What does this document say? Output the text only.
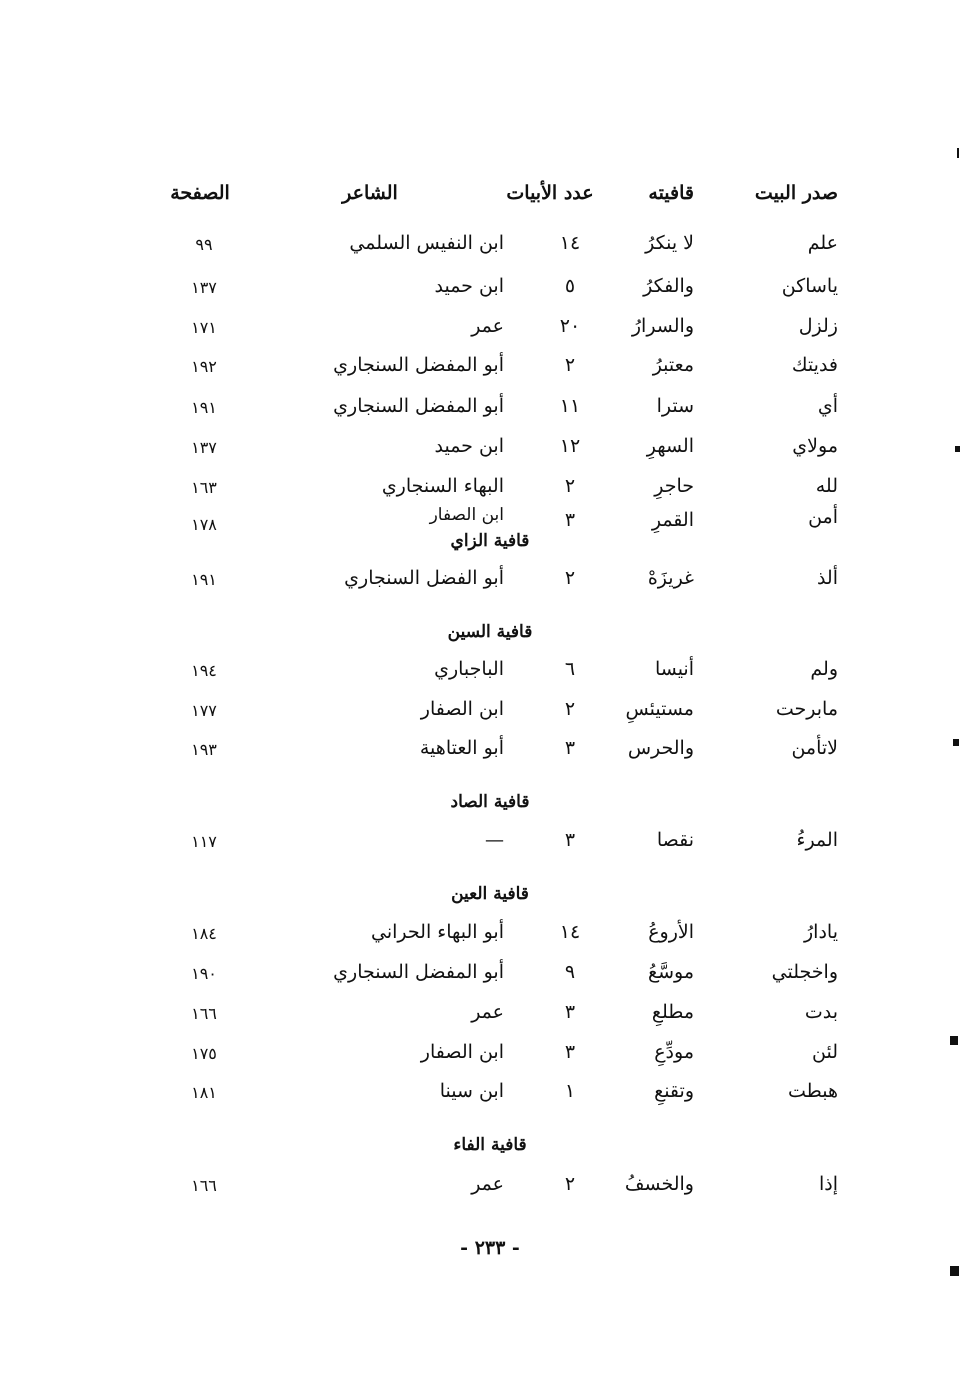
صدر البيت
قافيته
عدد الأبيات
الشاعر
الصفحة
علم
لا ينكرُ
١٤
ابن النفيس السلمي
٩٩
ياساكن
والفكرُ
٥
ابن حميد
١٣٧
زلزل
والسرارُ
٢٠
عمر
١٧١
فديتك
معتبرُ
٢
أبو المفضل السنجاري
١٩٢
أي
سترا
١١
أبو المفضل السنجاري
١٩١
مولاي
السهرِ
١٢
ابن حميد
١٣٧
لله
حاجرِ
٢
البهاء السنجاري
١٦٣
أمن
القمرِ
٣
ابن الصفار
١٧٨
قافية الزاي
ألذ
غريزَهْ
٢
أبو الفضل السنجاري
١٩١
قافية السين
ولم
أنيسا
٦
الباجباري
١٩٤
مابرحت
مستيئسِ
٢
ابن الصفار
١٧٧
لاتأمن
والحرس
٣
أبو العتاهية
١٩٣
قافية الصاد
المرءُ
نقصا
٣
—
١١٧
قافية العين
يادارُ
الأروعُ
١٤
أبو البهاء الحراني
١٨٤
واخجلتي
موسَّعُ
٩
أبو المفضل السنجاري
١٩٠
بدت
مطلعِ
٣
عمر
١٦٦
لئن
مودِّعِ
٣
ابن الصفار
١٧٥
هبطت
وتقنعِ
١
ابن سينا
١٨١
قافية الفاء
إذا
والخسفُ
٢
عمر
١٦٦
- ٢٣٣ -
